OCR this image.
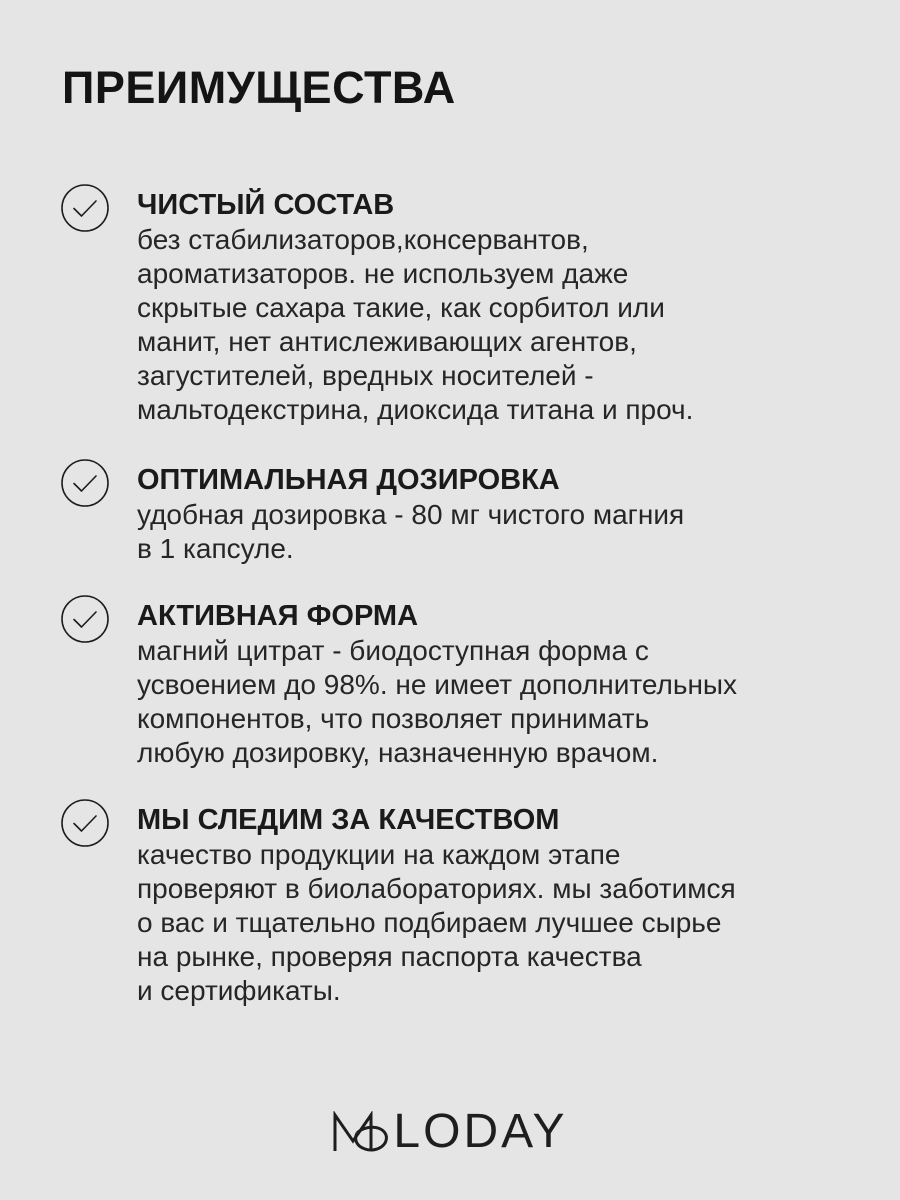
ПРЕИМУЩЕСТВА
ЧИСТЫЙ СОСТАВ

без стабилизаторов,консервантов,
ароматизаторов. не используем даже
скрытые сахара такие, как сорбитол или
манит, нет антислеживающих агентов,
загустителей, вредных носителей -
мальтодекстрина, диоксида титана и проч.

ОПТИМАЛЬНАЯ ДОЗИРОВКА

удобная дозировка - 80 мг чистого магния
в 1 капсуле.

АКТИВНАЯ ФОРМА

магний цитрат - биодоступная форма с
усвоением до 98%. не имеет дополнительных
компонентов, что позволяет принимать
любую дозировку, назначенную врачом.

МЫ СЛЕДИМ ЗА КАЧЕСТВОМ

качество продукции на каждом этапе
проверяют в биолабораториях. мы заботимся
о вас и тщательно подбираем лучшее сырье
на рынке, проверяя паспорта качества
и сертификаты.

LODAY
